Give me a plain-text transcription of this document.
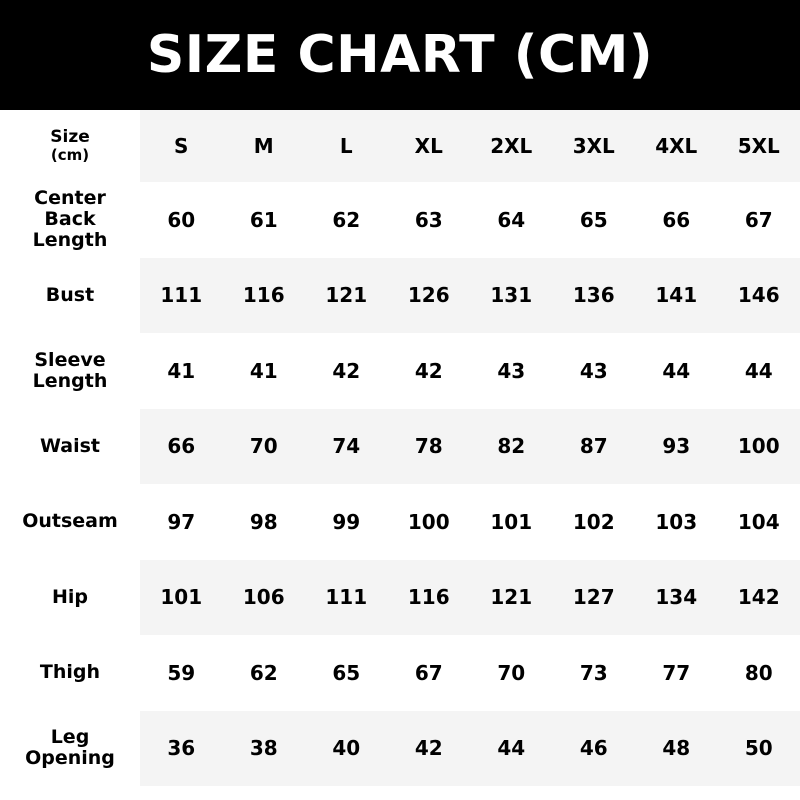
SIZE CHART (CM)
Size
(cm)	S	M	L	XL	2XL	3XL	4XL	5XL

Center
Back
Length	60	61	62	63	64	65	66	67

Bust	111	116	121	126	131	136	141	146

Sleeve
Length	41	41	42	42	43	43	44	44

Waist	66	70	74	78	82	87	93	100

Outseam	97	98	99	100	101	102	103	104

Hip	101	106	111	116	121	127	134	142

Thigh	59	62	65	67	70	73	77	80

Leg
Opening	36	38	40	42	44	46	48	50
